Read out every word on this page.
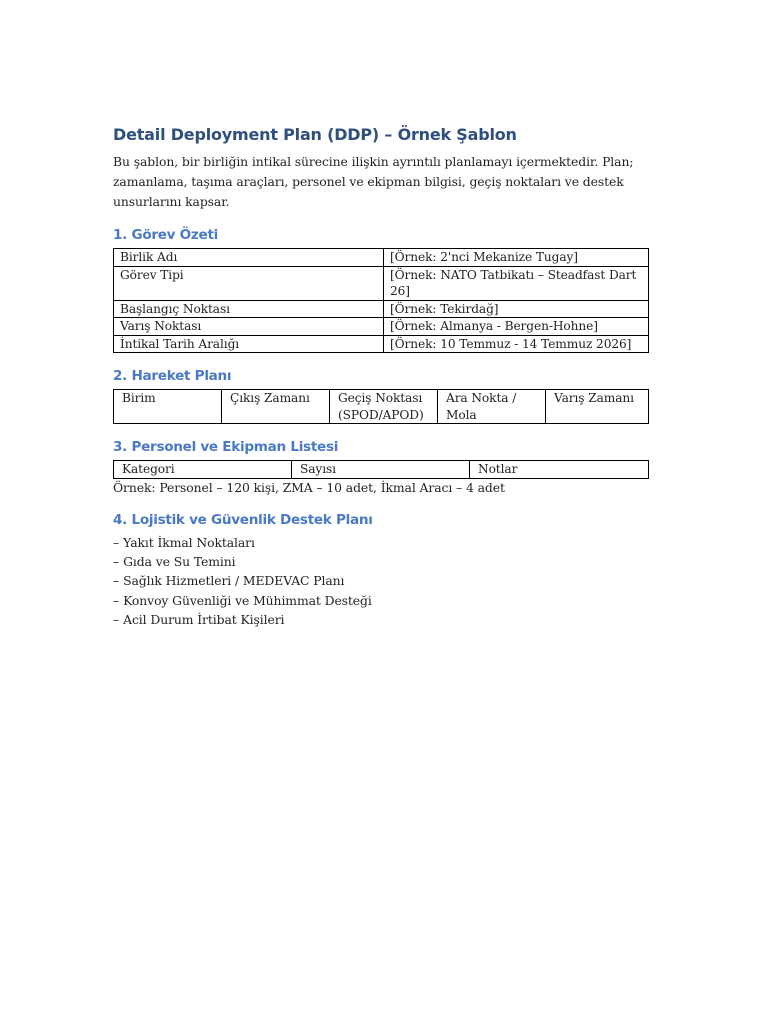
Detail Deployment Plan (DDP) – Örnek Şablon

Bu şablon, bir birliğin intikal sürecine ilişkin ayrıntılı planlamayı içermektedir. Plan; zamanlama, taşıma araçları, personel ve ekipman bilgisi, geçiş noktaları ve destek unsurlarını kapsar.

1. Görev Özeti
Birlik Adı	[Örnek: 2'nci Mekanize Tugay]
Görev Tipi	[Örnek: NATO Tatbikatı – Steadfast Dart 26]
Başlangıç Noktası	[Örnek: Tekirdağ]
Varış Noktası	[Örnek: Almanya - Bergen-Hohne]
İntikal Tarih Aralığı	[Örnek: 10 Temmuz - 14 Temmuz 2026]
2. Hareket Planı
Birim	Çıkış Zamanı	Geçiş Noktası (SPOD/APOD)	Ara Nokta / Mola	Varış Zamanı
3. Personel ve Ekipman Listesi
Kategori	Sayısı	Notlar

Örnek: Personel – 120 kişi, ZMA – 10 adet, İkmal Aracı – 4 adet

4. Lojistik ve Güvenlik Destek Planı
– Yakıt İkmal Noktaları
– Gıda ve Su Temini
– Sağlık Hizmetleri / MEDEVAC Planı
– Konvoy Güvenliği ve Mühimmat Desteği
– Acil Durum İrtibat Kişileri
